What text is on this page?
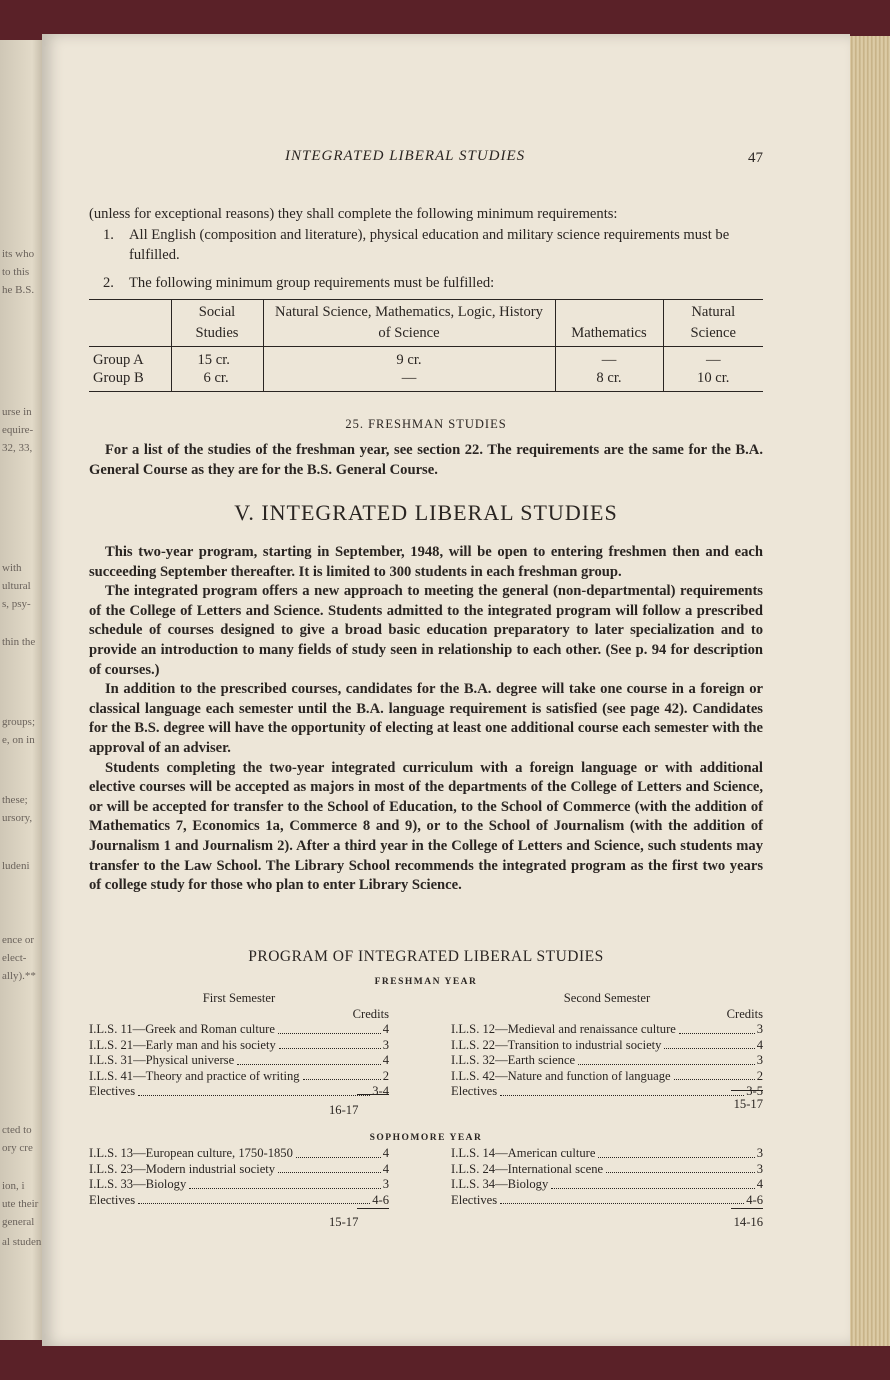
its who
to this
he B.S.
urse in
equire-
32, 33,
with
ultural
s, psy-
thin the
groups;
e, on in
these;
ursory,
ludeni
ence or
elect-
ally).**
cted to
ory cre
ion, i
ute their
general
al studen
INTEGRATED LIBERAL STUDIES	47

(unless for exceptional reasons) they shall complete the following minimum requirements:

1.	All English (composition and literature), physical education and military science requirements must be fulfilled.
2.	The following minimum group requirements must be fulfilled:
	Social Studies	Natural Science, Mathematics, Logic, History of Science	Mathematics	Natural Science
Group A	15 cr.	9 cr.	—	—
Group B	6 cr.	—	8 cr.	10 cr.
25. FRESHMAN STUDIES

For a list of the studies of the freshman year, see section 22. The requirements are the same for the B.A. General Course as they are for the B.S. General Course.

V. INTEGRATED LIBERAL STUDIES

This two-year program, starting in September, 1948, will be open to entering freshmen then and each succeeding September thereafter. It is limited to 300 students in each freshman group.

The integrated program offers a new approach to meeting the general (non-departmental) requirements of the College of Letters and Science. Students admitted to the integrated program will follow a prescribed schedule of courses designed to give a broad basic education preparatory to later specialization and to provide an introduction to many fields of study seen in relationship to each other. (See p. 94 for description of courses.)

In addition to the prescribed courses, candidates for the B.A. degree will take one course in a foreign or classical language each semester until the B.A. language requirement is satisfied (see page 42). Candidates for the B.S. degree will have the opportunity of electing at least one additional course each semester with the approval of an adviser.

Students completing the two-year integrated curriculum with a foreign language or with additional elective courses will be accepted as majors in most of the departments of the College of Letters and Science, or will be accepted for transfer to the School of Education, to the School of Commerce (with the addition of Mathematics 7, Economics 1a, Commerce 8 and 9), or to the School of Journalism (with the addition of Journalism 1 and Journalism 2). After a third year in the College of Letters and Science, such students may transfer to the Law School. The Library School recommends the integrated program as the first two years of college study for those who plan to enter Library Science.

PROGRAM OF INTEGRATED LIBERAL STUDIES
FRESHMAN YEAR
First Semester
Credits
I.L.S. 11—Greek and Roman culture	4
I.L.S. 21—Early man and his society	3
I.L.S. 31—Physical universe	4
I.L.S. 41—Theory and practice of writing	2
Electives	3-4
Second Semester
Credits
I.L.S. 12—Medieval and renaissance culture	3
I.L.S. 22—Transition to industrial society	4
I.L.S. 32—Earth science	3
I.L.S. 42—Nature and function of language	2
Electives	3-5
16-17	15-17
SOPHOMORE YEAR
I.L.S. 13—European culture, 1750-1850	4
I.L.S. 23—Modern industrial society	4
I.L.S. 33—Biology	3
Electives	4-6
I.L.S. 14—American culture	3
I.L.S. 24—International scene	3
I.L.S. 34—Biology	4
Electives	4-6
15-17	14-16
